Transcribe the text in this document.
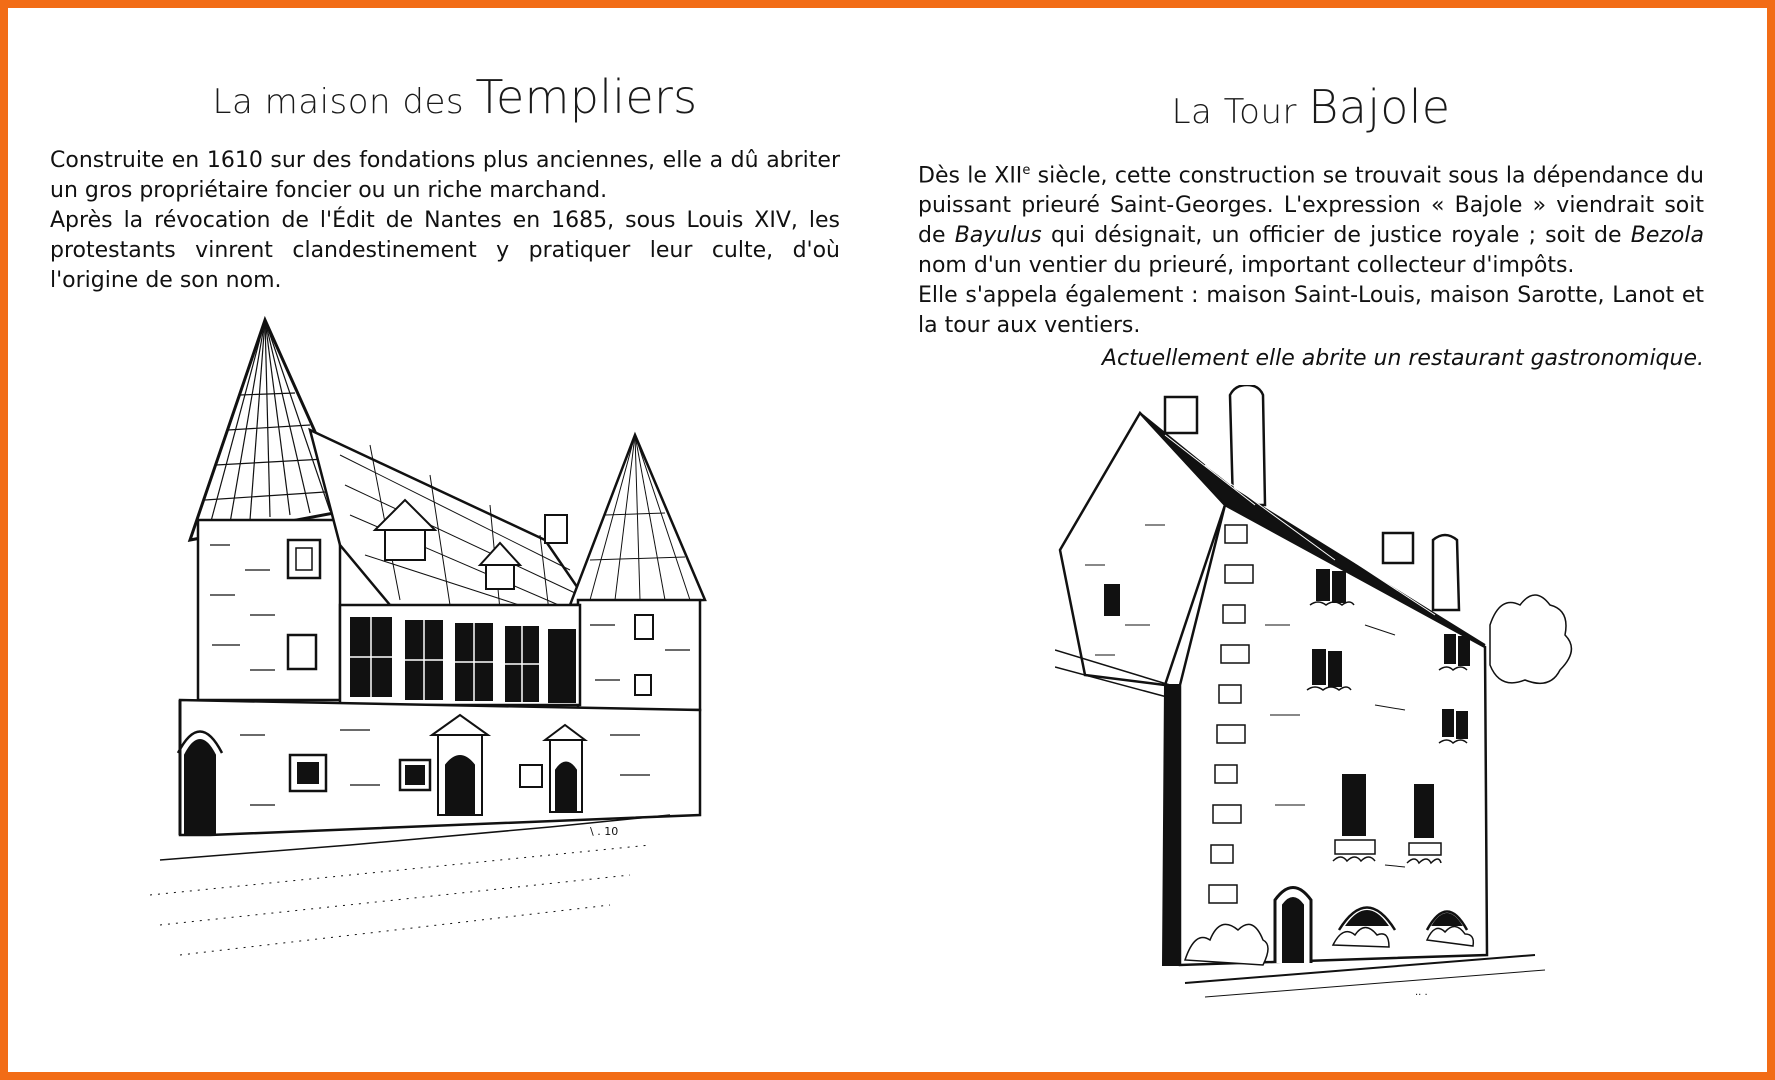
La maison des Templiers

Construite en 1610 sur des fondations plus anciennes, elle a dû abriter un gros propriétaire foncier ou un riche marchand.

Après la révocation de l'Édit de Nantes en 1685, sous Louis XIV, les protestants vinrent clandestinement y pratiquer leur culte, d'où l'origine de son nom.

\ . 10
La Tour Bajole

Dès le XIIe siècle, cette construction se trouvait sous la dépendance du puissant prieuré Saint-Georges. L'expression « Bajole » viendrait soit de Bayulus qui désignait, un officier de justice royale ; soit de Bezola nom d'un ventier du prieuré, important collecteur d'impôts.

Elle s'appela également : maison Saint-Louis, maison Sarotte, Lanot et la tour aux ventiers.

Actuellement elle abrite un restaurant gastronomique.

.. .
